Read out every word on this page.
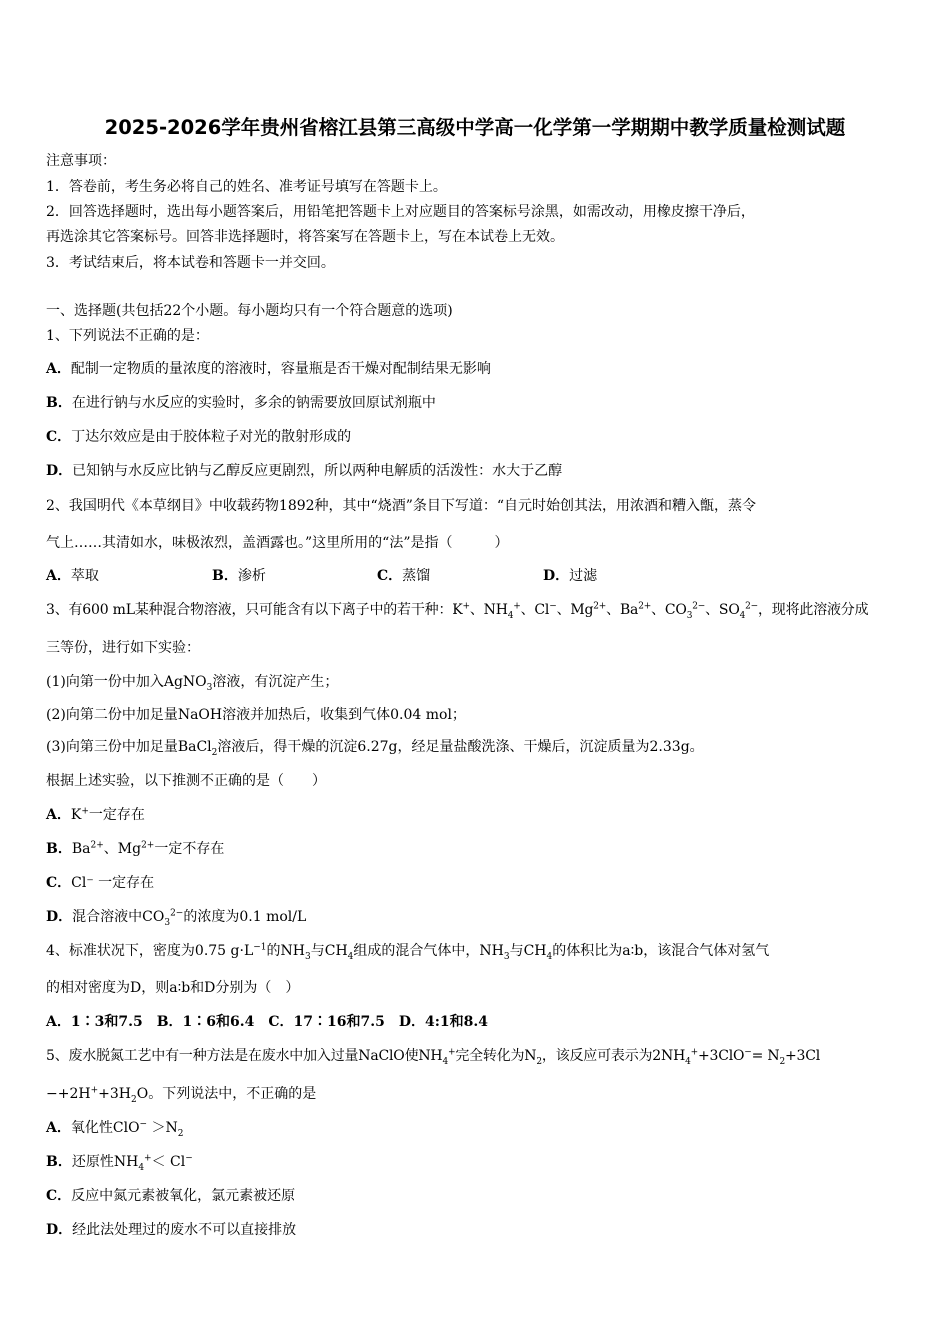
2025-2026学年贵州省榕江县第三高级中学高一化学第一学期期中教学质量检测试题
注意事项：
1．答卷前，考生务必将自己的姓名、准考证号填写在答题卡上。
2．回答选择题时，选出每小题答案后，用铅笔把答题卡上对应题目的答案标号涂黑，如需改动，用橡皮擦干净后，
再选涂其它答案标号。回答非选择题时，将答案写在答题卡上，写在本试卷上无效。
3．考试结束后，将本试卷和答题卡一并交回。
一、选择题(共包括22个小题。每小题均只有一个符合题意的选项)
1、下列说法不正确的是：
A．配制一定物质的量浓度的溶液时，容量瓶是否干燥对配制结果无影响
B．在进行钠与水反应的实验时，多余的钠需要放回原试剂瓶中
C．丁达尔效应是由于胶体粒子对光的散射形成的
D．已知钠与水反应比钠与乙醇反应更剧烈，所以两种电解质的活泼性：水大于乙醇
2、我国明代《本草纲目》中收载药物1892种，其中“烧酒”条目下写道：“自元时始创其法，用浓酒和糟入甑，蒸令
气上……其清如水，味极浓烈，盖酒露也。”这里所用的“法”是指（　　　）
A．萃取	B．渗析	C．蒸馏	D．过滤
3、有600 mL某种混合物溶液，只可能含有以下离子中的若干种：K+、$NH_4^+$、Cl−、$Mg^{2+}$、$Ba^{2+}$、$CO_3^{2-}$、$SO_4^{2-}$，现将此溶液分成
三等份，进行如下实验：
(1)向第一份中加入AgNO$_3$溶液，有沉淀产生；
(2)向第二份中加足量NaOH溶液并加热后，收集到气体0.04 mol；
(3)向第三份中加足量BaCl$_2$溶液后，得干燥的沉淀6.27g，经足量盐酸洗涤、干燥后，沉淀质量为2.33g。
根据上述实验，以下推测不正确的是（　　）
A．K+一定存在
B．$Ba^{2+}$、$Mg^{2+}$一定不存在
C．Cl⁻ 一定存在
D．混合溶液中$CO_3^{2-}$的浓度为0.1 mol/L
4、标准状况下，密度为0.75 $g\cdot L^{-1}$的$NH_3$与$CH_4$组成的混合气体中，$NH_3$与$CH_4$的体积比为a∶b，该混合气体对氢气
的相对密度为D，则a∶b和D分别为（　）
A．1∶3和7.5　B．1∶6和6.4　C．17∶16和7.5　D．4:1和8.4
5、废水脱氮工艺中有一种方法是在废水中加入过量NaClO使$NH_4^+$完全转化为$N_2$，该反应可表示为$2NH_4^++3ClO^-= N_2+3Cl$
$-+2H^++3H_2O$。下列说法中，不正确的是
A．氧化性$ClO^- >N_2$
B．还原性$NH_4^+< Cl^-$
C．反应中氮元素被氧化，氯元素被还原
D．经此法处理过的废水不可以直接排放
